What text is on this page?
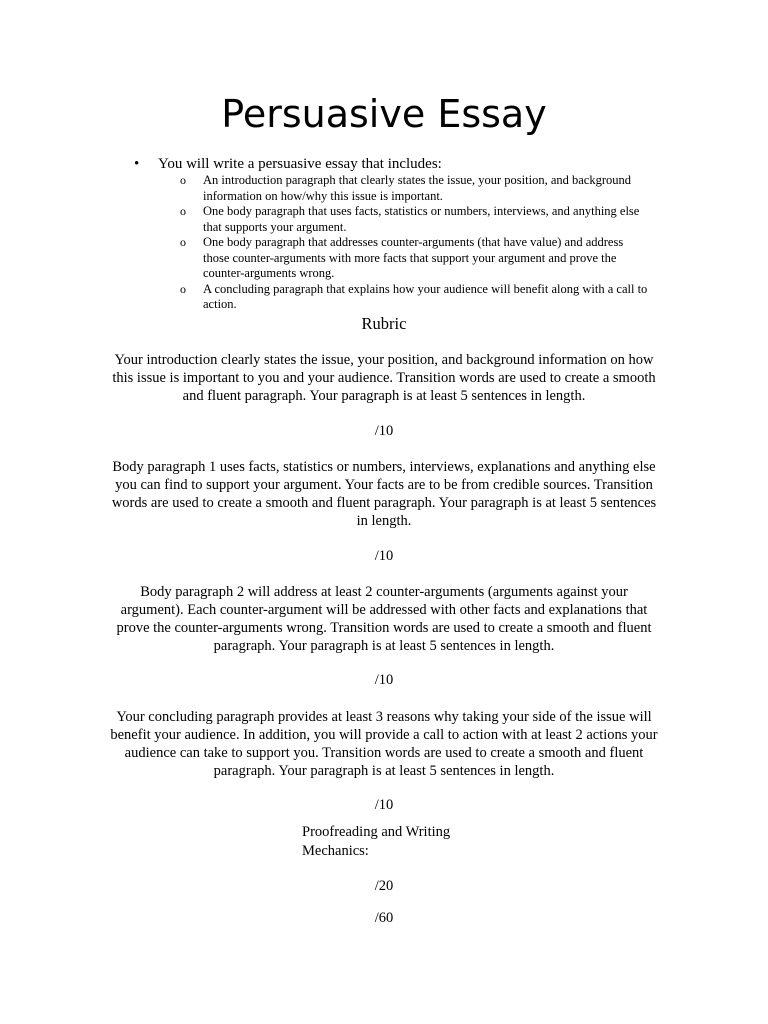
Persuasive Essay
• You will write a persuasive essay that includes:
o An introduction paragraph that clearly states the issue, your position, and background information on how/why this issue is important.
o One body paragraph that uses facts, statistics or numbers, interviews, and anything else that supports your argument.
o One body paragraph that addresses counter-arguments (that have value) and address those counter-arguments with more facts that support your argument and prove the counter-arguments wrong.
o A concluding paragraph that explains how your audience will benefit along with a call to action.
Rubric
Your introduction clearly states the issue, your position, and background information on how this issue is important to you and your audience. Transition words are used to create a smooth and fluent paragraph. Your paragraph is at least 5 sentences in length.
/10
Body paragraph 1 uses facts, statistics or numbers, interviews, explanations and anything else you can find to support your argument. Your facts are to be from credible sources. Transition words are used to create a smooth and fluent paragraph. Your paragraph is at least 5 sentences in length.
/10
Body paragraph 2 will address at least 2 counter-arguments (arguments against your argument). Each counter-argument will be addressed with other facts and explanations that prove the counter-arguments wrong. Transition words are used to create a smooth and fluent paragraph. Your paragraph is at least 5 sentences in length.
/10
Your concluding paragraph provides at least 3 reasons why taking your side of the issue will benefit your audience. In addition, you will provide a call to action with at least 2 actions your audience can take to support you. Transition words are used to create a smooth and fluent paragraph. Your paragraph is at least 5 sentences in length.
/10
Proofreading and Writing Mechanics:
/20
/60
